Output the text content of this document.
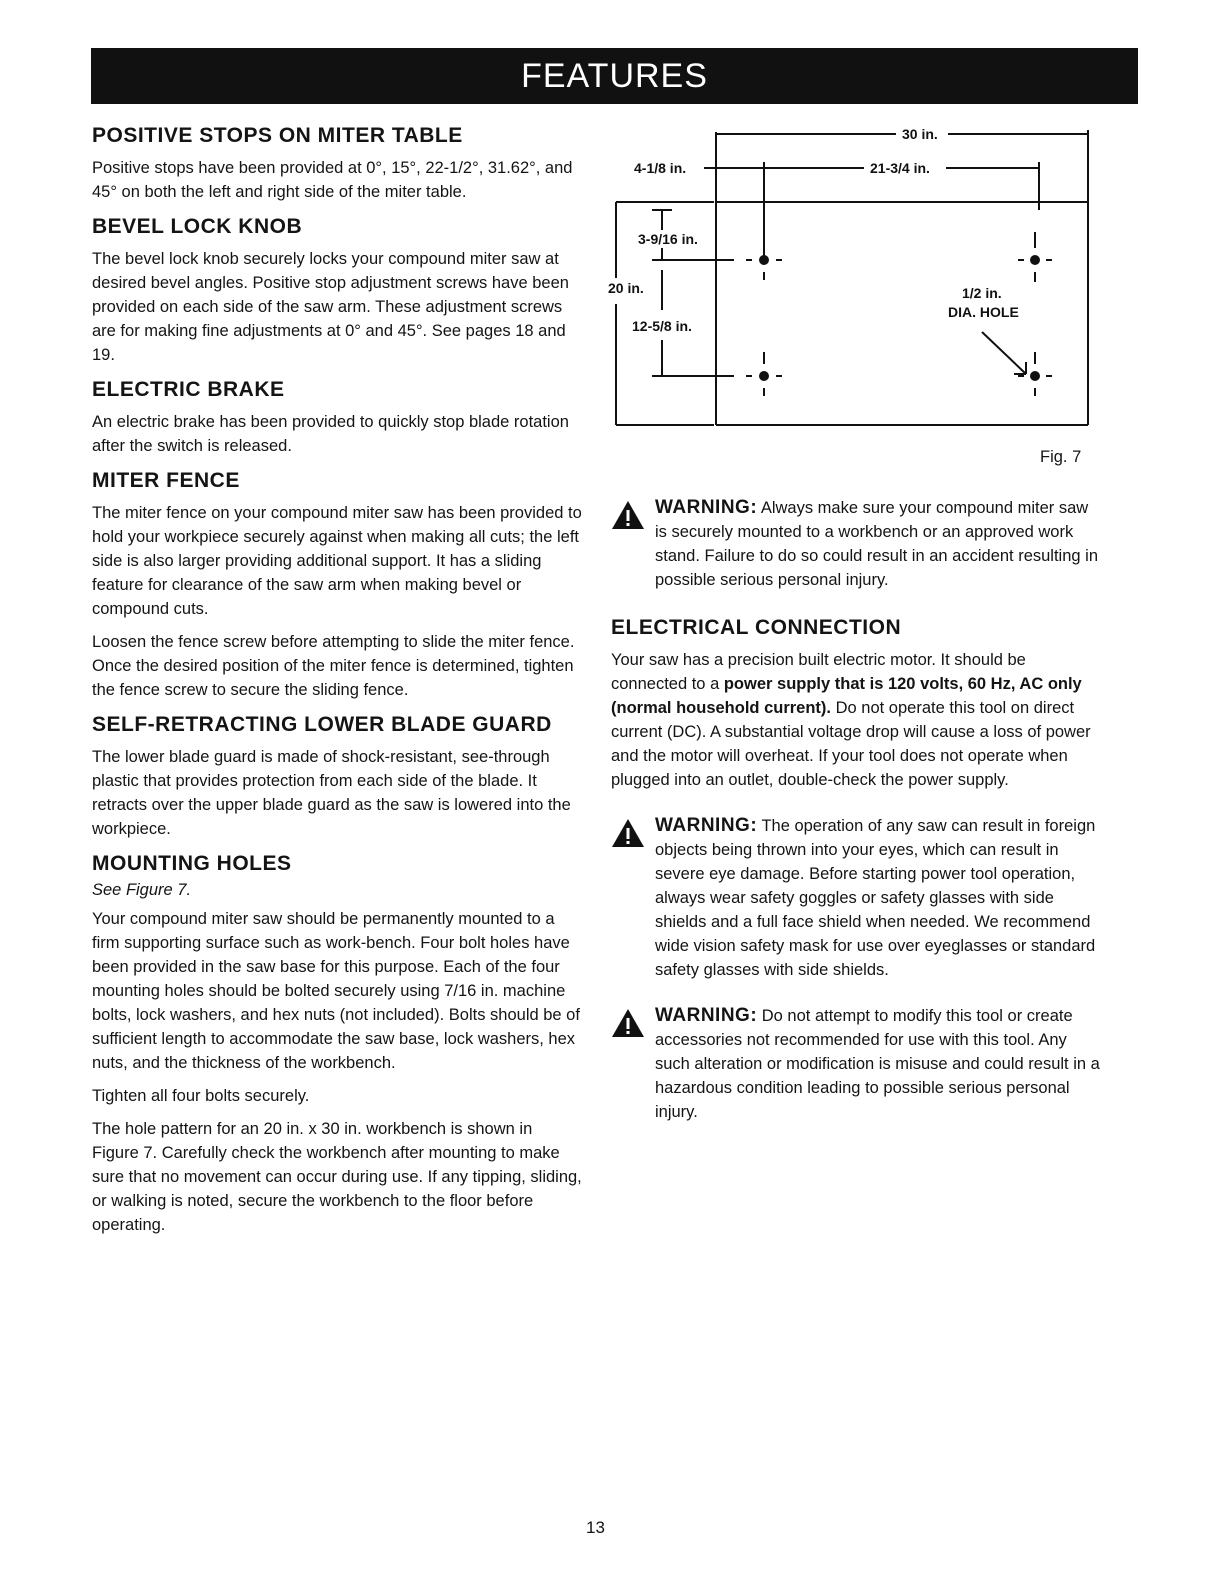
FEATURES
POSITIVE STOPS ON MITER TABLE

Positive stops have been provided at 0°, 15°, 22-1/2°, 31.62°, and 45° on both the left and right side of the miter table.

BEVEL LOCK KNOB

The bevel lock knob securely locks your compound miter saw at desired bevel angles. Positive stop adjustment screws have been provided on each side of the saw arm. These adjustment screws are for making fine adjustments at 0° and 45°. See pages 18 and 19.

ELECTRIC BRAKE

An electric brake has been provided to quickly stop blade rotation after the switch is released.

MITER FENCE

The miter fence on your compound miter saw has been provided to hold your workpiece securely against when making all cuts; the left side is also larger providing additional support. It has a sliding feature for clearance of the saw arm when making bevel or compound cuts.

Loosen the fence screw before attempting to slide the miter fence. Once the desired position of the miter fence is determined, tighten the fence screw to secure the sliding fence.

SELF-RETRACTING LOWER BLADE GUARD

The lower blade guard is made of shock-resistant, see-through plastic that provides protection from each side of the blade. It retracts over the upper blade guard as the saw is lowered into the workpiece.

MOUNTING HOLES

See Figure 7.

Your compound miter saw should be permanently mounted to a firm supporting surface such as work-bench. Four bolt holes have been provided in the saw base for this purpose. Each of the four mounting holes should be bolted securely using 7/16 in. machine bolts, lock washers, and hex nuts (not included). Bolts should be of sufficient length to accommodate the saw base, lock washers, hex nuts, and the thickness of the workbench.

Tighten all four bolts securely.

The hole pattern for an 20 in. x 30 in. workbench is shown in Figure 7. Carefully check the workbench after mounting to make sure that no movement can occur during use. If any tipping, sliding, or walking is noted, secure the workbench to the floor before operating.

30 in.
21-3/4 in.
4-1/8 in.
3-9/16 in.
20 in.
12-5/8 in.
1/2 in.
DIA. HOLE
Fig. 7

WARNING: Always make sure your compound miter saw is securely mounted to a workbench or an approved work stand. Failure to do so could result in an accident resulting in possible serious personal injury.

ELECTRICAL CONNECTION

Your saw has a precision built electric motor. It should be connected to a power supply that is 120 volts, 60 Hz, AC only (normal household current). Do not operate this tool on direct current (DC). A substantial voltage drop will cause a loss of power and the motor will overheat. If your tool does not operate when plugged into an outlet, double-check the power supply.

WARNING: The operation of any saw can result in foreign objects being thrown into your eyes, which can result in severe eye damage. Before starting power tool operation, always wear safety goggles or safety glasses with side shields and a full face shield when needed. We recommend wide vision safety mask for use over eyeglasses or standard safety glasses with side shields.

WARNING: Do not attempt to modify this tool or create accessories not recommended for use with this tool. Any such alteration or modification is misuse and could result in a hazardous condition leading to possible serious personal injury.

13
